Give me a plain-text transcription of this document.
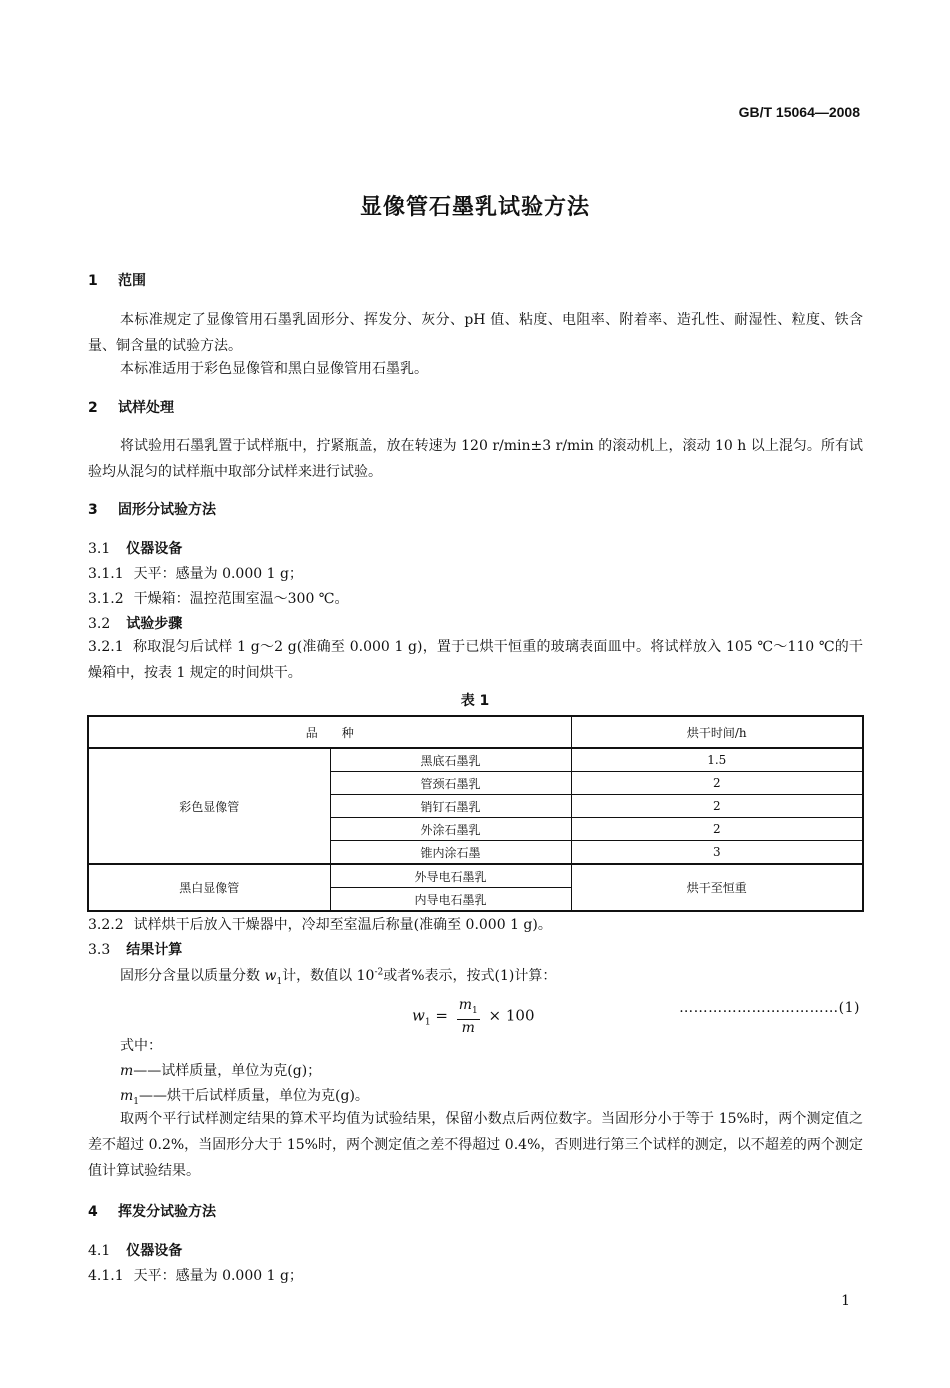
GB/T 15064—2008
显像管石墨乳试验方法
1 范围
本标准规定了显像管用石墨乳固形分、挥发分、灰分、pH 值、粘度、电阻率、附着率、造孔性、耐湿性、粒度、铁含量、铜含量的试验方法。
本标准适用于彩色显像管和黑白显像管用石墨乳。
2 试样处理
将试验用石墨乳置于试样瓶中，拧紧瓶盖，放在转速为 120 r/min±3 r/min 的滚动机上，滚动 10 h 以上混匀。所有试验均从混匀的试样瓶中取部分试样来进行试验。
3 固形分试验方法
3.1 仪器设备
3.1.1 天平：感量为 0.000 1 g；
3.1.2 干燥箱：温控范围室温～300 ℃。
3.2 试验步骤
3.2.1 称取混匀后试样 1 g～2 g(准确至 0.000 1 g)，置于已烘干恒重的玻璃表面皿中。将试样放入 105 ℃～110 ℃的干燥箱中，按表 1 规定的时间烘干。
表 1
品　　种		烘干时间/h
彩色显像管	黑底石墨乳	1.5
	管颈石墨乳	2
	销钉石墨乳	2
	外涂石墨乳	2
	锥内涂石墨	3
黑白显像管	外导电石墨乳	烘干至恒重
	内导电石墨乳	
3.2.2 试样烘干后放入干燥器中，冷却至室温后称量(准确至 0.000 1 g)。
3.3 结果计算
固形分含量以质量分数 $w_1$计，数值以 $10^{-2}$或者%表示，按式(1)计算：
$w_1 = \frac{m_1}{m} \times 100$	……………………………(1)
式中：
m——试样质量，单位为克(g)；
$m_1——$烘干后试样质量，单位为克(g)。
取两个平行试样测定结果的算术平均值为试验结果，保留小数点后两位数字。当固形分小于等于 15%时，两个测定值之差不超过 0.2%，当固形分大于 15%时，两个测定值之差不得超过 0.4%，否则进行第三个试样的测定，以不超差的两个测定值计算试验结果。
4 挥发分试验方法
4.1 仪器设备
4.1.1 天平：感量为 0.000 1 g；
1
